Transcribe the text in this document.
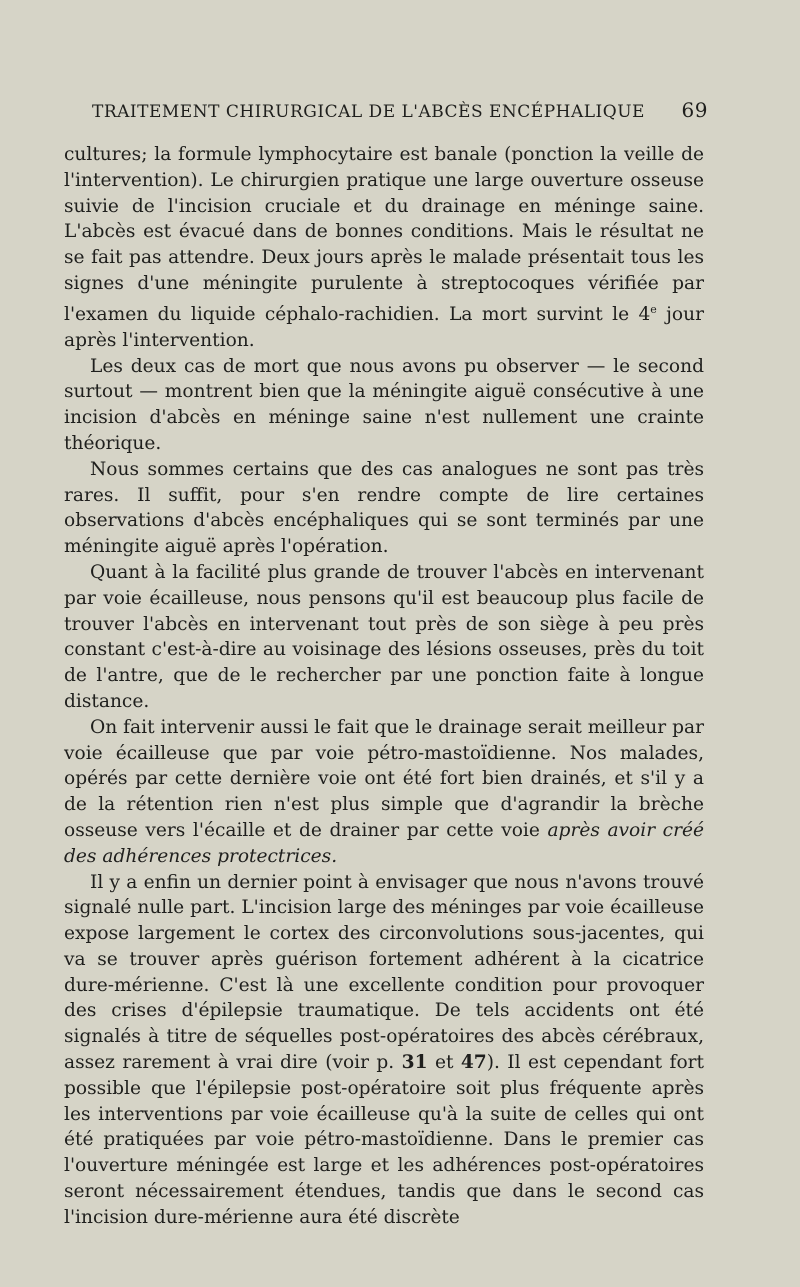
TRAITEMENT CHIRURGICAL DE L'ABCÈS ENCÉPHALIQUE 69

cultures; la formule lymphocytaire est banale (ponction la veille de l'intervention). Le chirurgien pratique une large ouverture osseuse suivie de l'incision cruciale et du drainage en méninge saine. L'abcès est évacué dans de bonnes conditions. Mais le résultat ne se fait pas attendre. Deux jours après le malade présentait tous les signes d'une méningite purulente à streptocoques vérifiée par l'examen du liquide céphalo-rachidien. La mort survint le 4e jour après l'intervention.

Les deux cas de mort que nous avons pu observer — le second surtout — montrent bien que la méningite aiguë consécutive à une incision d'abcès en méninge saine n'est nullement une crainte théorique.

Nous sommes certains que des cas analogues ne sont pas très rares. Il suffit, pour s'en rendre compte de lire certaines observations d'abcès encéphaliques qui se sont terminés par une méningite aiguë après l'opération.

Quant à la facilité plus grande de trouver l'abcès en intervenant par voie écailleuse, nous pensons qu'il est beaucoup plus facile de trouver l'abcès en intervenant tout près de son siège à peu près constant c'est-à-dire au voisinage des lésions osseuses, près du toit de l'antre, que de le rechercher par une ponction faite à longue distance.

On fait intervenir aussi le fait que le drainage serait meilleur par voie écailleuse que par voie pétro-mastoïdienne. Nos malades, opérés par cette dernière voie ont été fort bien drainés, et s'il y a de la rétention rien n'est plus simple que d'agrandir la brèche osseuse vers l'écaille et de drainer par cette voie après avoir créé des adhérences protectrices.

Il y a enfin un dernier point à envisager que nous n'avons trouvé signalé nulle part. L'incision large des méninges par voie écailleuse expose largement le cortex des circonvolutions sous-jacentes, qui va se trouver après guérison fortement adhérent à la cicatrice dure-mérienne. C'est là une excellente condition pour provoquer des crises d'épilepsie traumatique. De tels accidents ont été signalés à titre de séquelles post-opératoires des abcès cérébraux, assez rarement à vrai dire (voir p. 31 et 47). Il est cependant fort possible que l'épilepsie post-opératoire soit plus fréquente après les interventions par voie écailleuse qu'à la suite de celles qui ont été pratiquées par voie pétro-mastoïdienne. Dans le premier cas l'ouverture méningée est large et les adhérences post-opératoires seront nécessairement étendues, tandis que dans le second cas l'incision dure-mérienne aura été discrète
